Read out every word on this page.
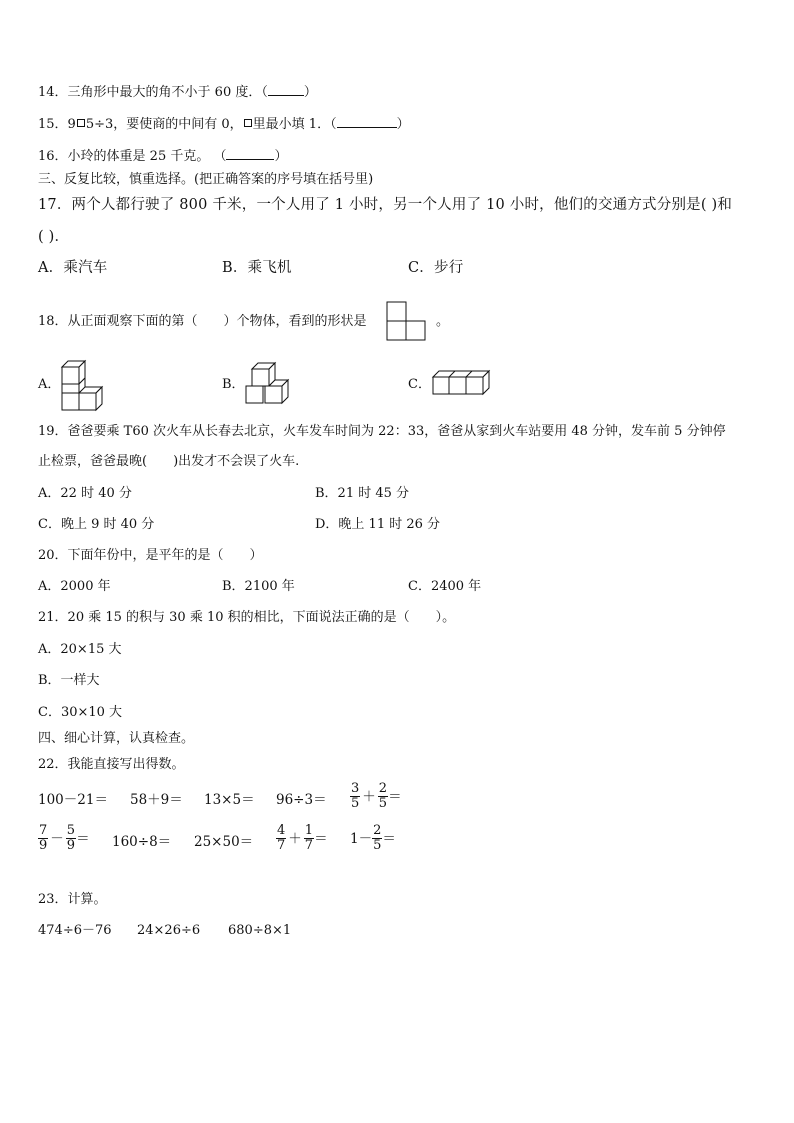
14．三角形中最大的角不小于 60 度．（	）
15．9 5÷3，要使商的中间有 0， 里最小填 1．（	）
16．小玲的体重是 25 千克。 （	）
三、反复比较，慎重选择。(把正确答案的序号填在括号里)
17．两个人都行驶了 800 千米，一个人用了 1 小时，另一个人用了 10 小时，他们的交通方式分别是( )和
( )．
A．乘汽车	B．乘飞机	C．步行
18．从正面观察下面的第（　　）个物体，看到的形状是	。
A．	B．	C．
19．爸爸要乘 T60 次火车从长春去北京，火车发车时间为 22：33，爸爸从家到火车站要用 48 分钟，发车前 5 分钟停
止检票，爸爸最晚(　　)出发才不会误了火车.
A．22 时 40 分	B．21 时 45 分
C．晚上 9 时 40 分	D．晚上 11 时 26 分
20．下面年份中，是平年的是（　　）
A．2000 年	B．2100 年	C．2400 年
21．20 乘 15 的积与 30 乘 10 积的相比，下面说法正确的是（　　）。
A．20×15 大
B．一样大
C．30×10 大
四、细心计算，认真检查。
22．我能直接写出得数。
$100-21= 58+9= 13\times 5= 96\div 3= \frac{3}{5} + \frac{2}{5}$ ＝
$\frac{7}{9} - \frac{5}{9} = 160\div 8= 25\times 50= \frac{4}{7} + \frac{1}{7} = 1- \frac{2}{5}$ ＝
23．计算。
474÷6－76 24×26÷6 680÷8×1
